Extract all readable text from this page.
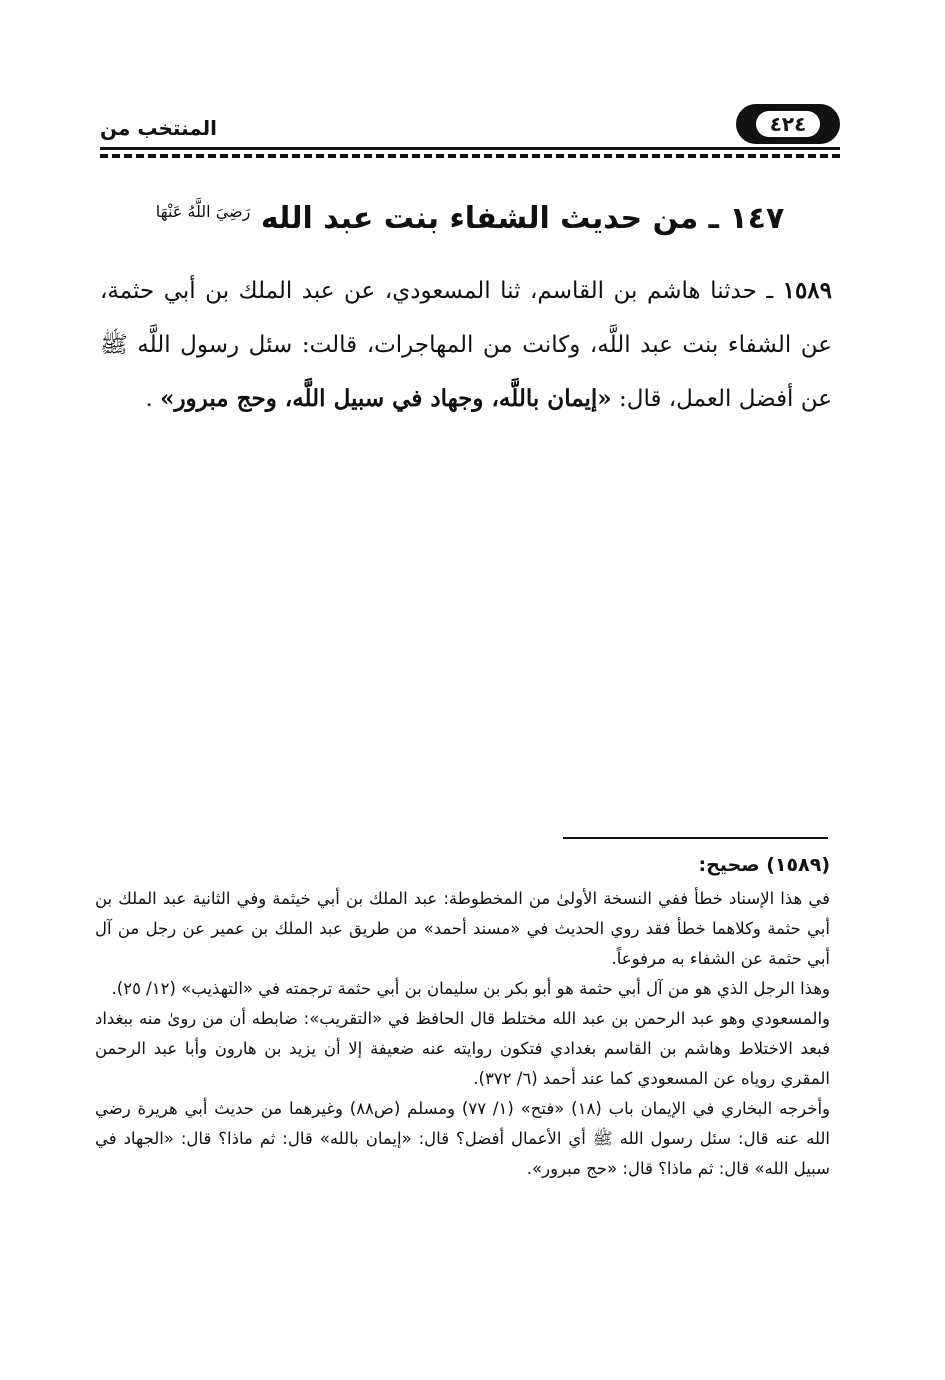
٤٢٤
المنتخب من
١٤٧ ـ من حديث الشفاء بنت عبد الله $^{رَضِيَ اللَّهُ عَنْهَا}$
١٥٨٩ ـ حدثنا هاشم بن القاسم، ثنا المسعودي، عن عبد الملك بن أبي حثمة، عن الشفاء بنت عبد اللَّه، وكانت من المهاجرات، قالت: سئل رسول اللَّه ﷺ عن أفضل العمل، قال: «إيمان باللَّه، وجهاد في سبيل اللَّه، وحج مبرور» .
(١٥٨٩) صحيح:

في هذا الإسناد خطأ ففي النسخة الأولىٰ من المخطوطة: عبد الملك بن أبي خيثمة وفي الثانية عبد الملك بن أبي حثمة وكلاهما خطأ فقد روي الحديث في «مسند أحمد» من طريق عبد الملك بن عمير عن رجل من آل أبي حثمة عن الشفاء به مرفوعاً.

وهذا الرجل الذي هو من آل أبي حثمة هو أبو بكر بن سليمان بن أبي حثمة ترجمته في «التهذيب» (١٢/ ٢٥).

والمسعودي وهو عبد الرحمن بن عبد الله مختلط قال الحافظ في «التقريب»: ضابطه أن من رویٰ منه ببغداد فبعد الاختلاط وهاشم بن القاسم بغدادي فتكون روايته عنه ضعيفة إلا أن يزيد بن هارون وأبا عبد الرحمن المقري روياه عن المسعودي كما عند أحمد (٦/ ٣٧٢).

وأخرجه البخاري في الإيمان باب (١٨) «فتح» (١/ ٧٧) ومسلم (ص٨٨) وغيرهما من حديث أبي هريرة رضي الله عنه قال: سئل رسول الله ﷺ أي الأعمال أفضل؟ قال: «إيمان بالله» قال: ثم ماذا؟ قال: «الجهاد في سبيل الله» قال: ثم ماذا؟ قال: «حج مبرور».
